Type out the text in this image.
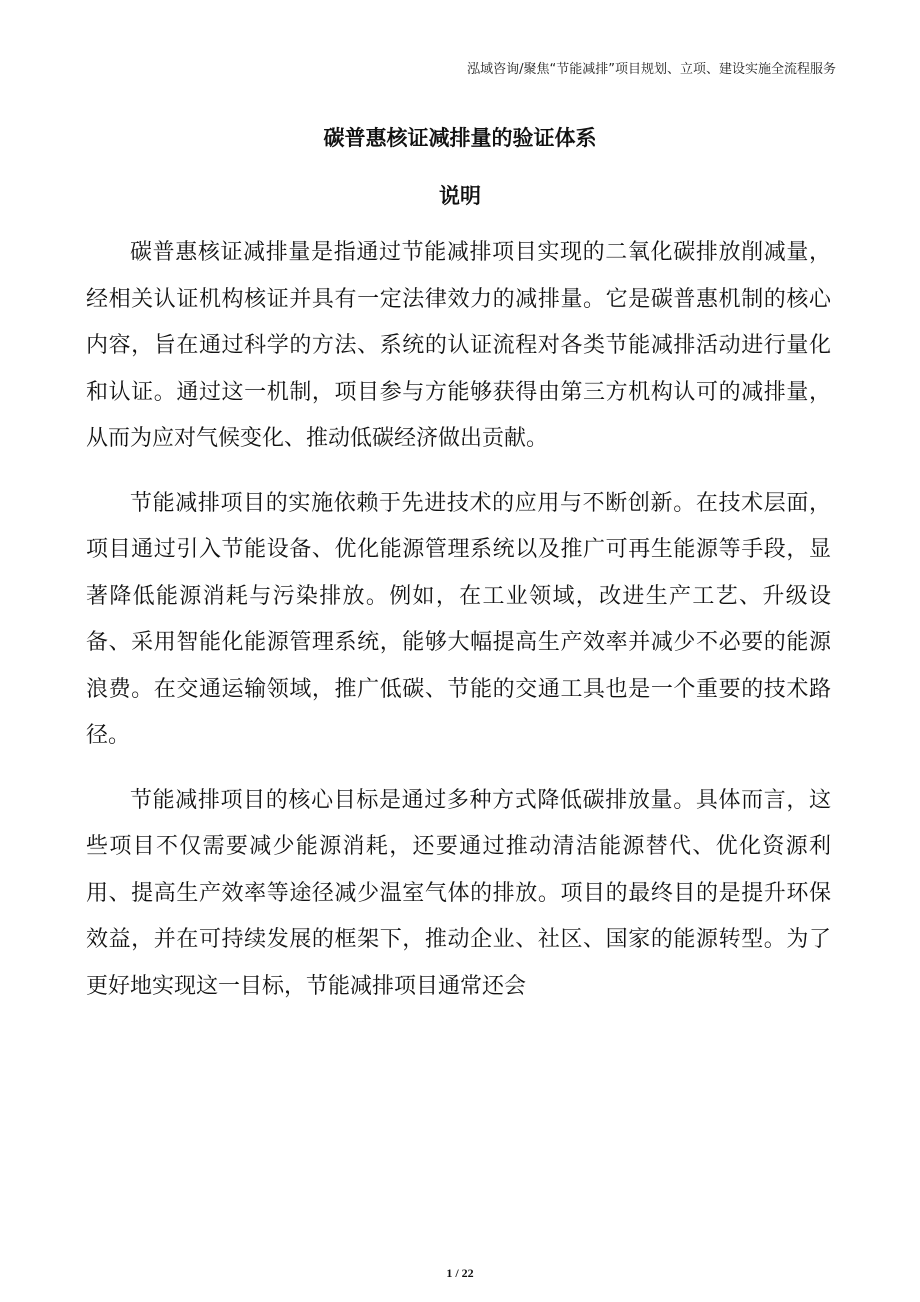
泓域咨询/聚焦“节能减排”项目规划、立项、建设实施全流程服务
碳普惠核证减排量的验证体系
说明

碳普惠核证减排量是指通过节能减排项目实现的二氧化碳排放削减量，经相关认证机构核证并具有一定法律效力的减排量。它是碳普惠机制的核心内容，旨在通过科学的方法、系统的认证流程对各类节能减排活动进行量化和认证。通过这一机制，项目参与方能够获得由第三方机构认可的减排量，从而为应对气候变化、推动低碳经济做出贡献。

节能减排项目的实施依赖于先进技术的应用与不断创新。在技术层面，项目通过引入节能设备、优化能源管理系统以及推广可再生能源等手段，显著降低能源消耗与污染排放。例如，在工业领域，改进生产工艺、升级设备、采用智能化能源管理系统，能够大幅提高生产效率并减少不必要的能源浪费。在交通运输领域，推广低碳、节能的交通工具也是一个重要的技术路径。

节能减排项目的核心目标是通过多种方式降低碳排放量。具体而言，这些项目不仅需要减少能源消耗，还要通过推动清洁能源替代、优化资源利用、提高生产效率等途径减少温室气体的排放。项目的最终目的是提升环保效益，并在可持续发展的框架下，推动企业、社区、国家的能源转型。为了更好地实现这一目标，节能减排项目通常还会

1 / 22
